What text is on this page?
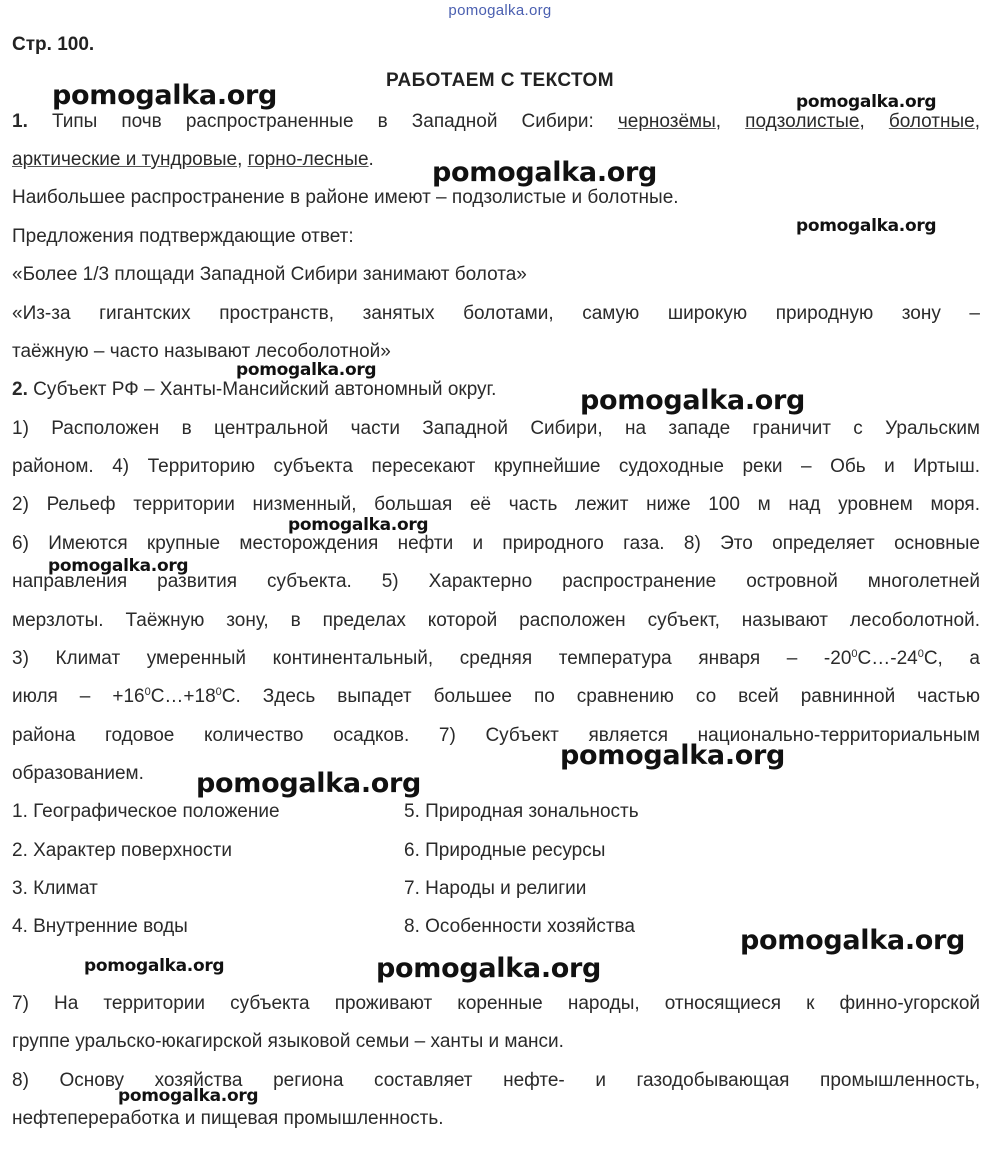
pomogalka.org
Стр. 100.
РАБОТАЕМ С ТЕКСТОМ
1. Типы почв распространенные в Западной Сибири: чернозёмы, подзолистые, болотные,
арктические и тундровые, горно-лесные.
Наибольшее распространение в районе имеют – подзолистые и болотные.
Предложения подтверждающие ответ:
«Более 1/3 площади Западной Сибири занимают болота»
«Из-за гигантских пространств, занятых болотами, самую широкую природную зону –
таёжную – часто называют лесоболотной»
2. Субъект РФ – Ханты-Мансийский автономный округ.
1) Расположен в центральной части Западной Сибири, на западе граничит с Уральским
районом. 4) Территорию субъекта пересекают крупнейшие судоходные реки – Обь и Иртыш.
2) Рельеф территории низменный, большая её часть лежит ниже 100 м над уровнем моря.
6) Имеются крупные месторождения нефти и природного газа. 8) Это определяет основные
направления развития субъекта. 5) Характерно распространение островной многолетней
мерзлоты. Таёжную зону, в пределах которой расположен субъект, называют лесоболотной.
3) Климат умеренный континентальный, средняя температура января – $-20^0С\dots-24^0С$, а
июля – $+16^0С\dots+18^0С$. Здесь выпадет большее по сравнению со всей равнинной частью
района годовое количество осадков. 7) Субъект является национально-территориальным
образованием.
1. Географическое положение
2. Характер поверхности
3. Климат
4. Внутренние воды
5. Природная зональность
6. Природные ресурсы
7. Народы и религии
8. Особенности хозяйства
7) На территории субъекта проживают коренные народы, относящиеся к финно-угорской
группе уральско-юкагирской языковой семьи – ханты и манси.
8) Основу хозяйства региона составляет нефте- и газодобывающая промышленность,
нефтепереработка и пищевая промышленность.
pomogalka.org	pomogalka.org
pomogalka.org
pomogalka.org
pomogalka.org
pomogalka.org
pomogalka.org
pomogalka.org
pomogalka.org
pomogalka.org
pomogalka.org
pomogalka.org	pomogalka.org
pomogalka.org
